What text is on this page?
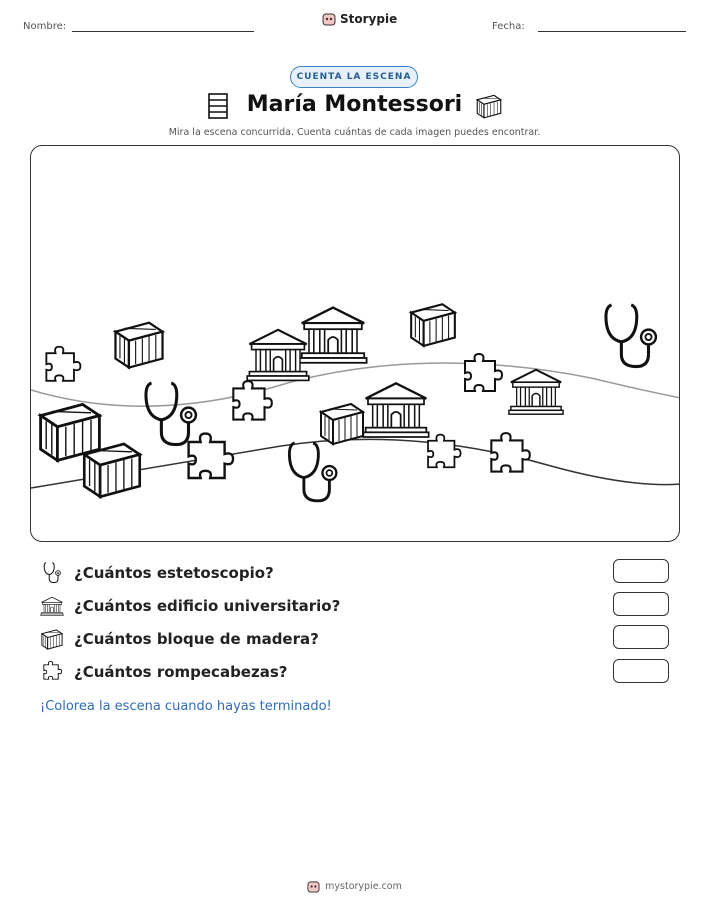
Nombre:
Storypie
Fecha:
CUENTA LA ESCENA
María Montessori
Mira la escena concurrida. Cuenta cuántas de cada imagen puedes encontrar.
¿Cuántos estetoscopio?
¿Cuántos edificio universitario?
¿Cuántos bloque de madera?
¿Cuántos rompecabezas?
¡Colorea la escena cuando hayas terminado!
mystorypie.com
